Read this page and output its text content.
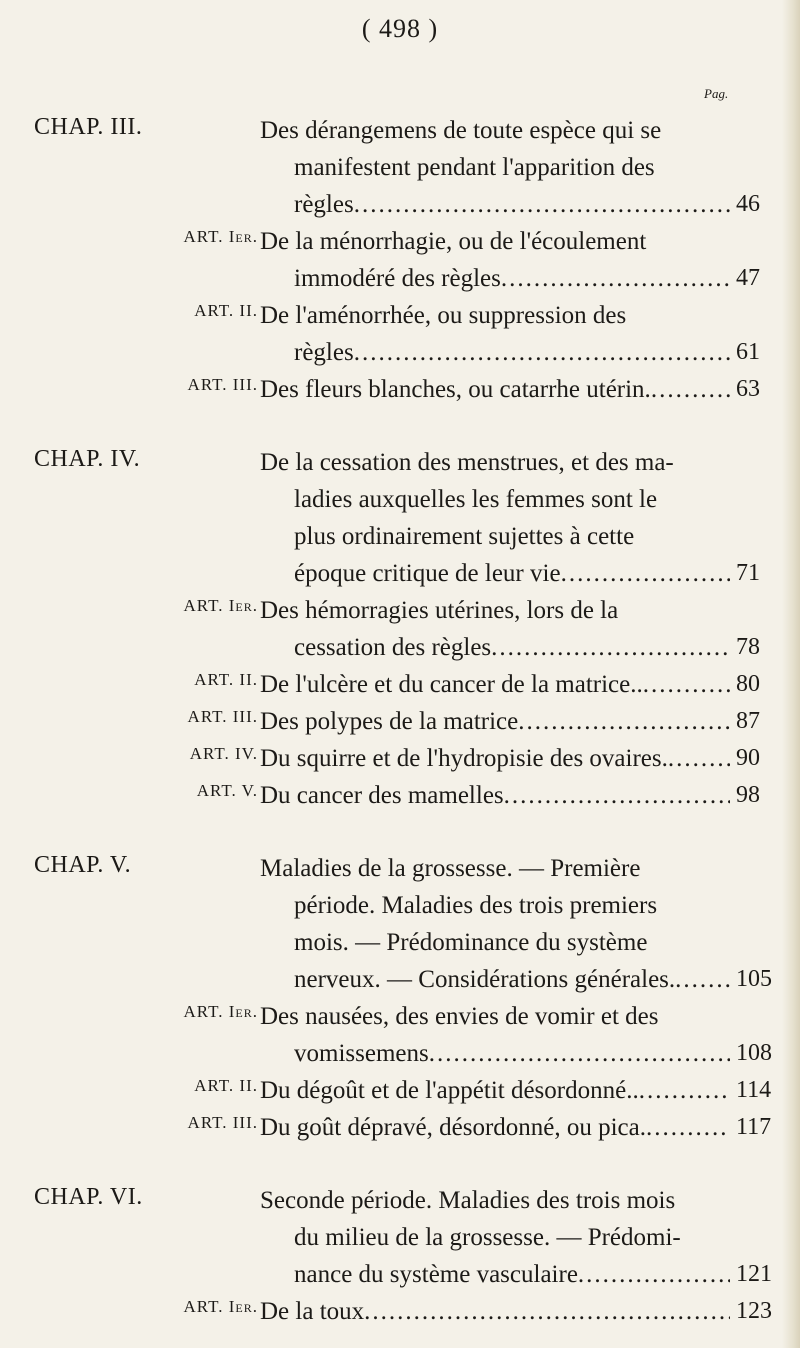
( 498 )
Pag.
CHAP. III.	Des dérangemens de toute espèce qui se
manifestent pendant l'apparition des
règles .....	46
ART. Ier. De la ménorrhagie, ou de l'écoulement
immodéré des règles .....	47
ART. II. De l'aménorrhée, ou suppression des
règles .....	61
ART. III. Des fleurs blanches, ou catarrhe utérin. .....	63
CHAP. IV.	De la cessation des menstrues, et des ma-
ladies auxquelles les femmes sont le
plus ordinairement sujettes à cette
époque critique de leur vie .....	71
ART. Ier. Des hémorragies utérines, lors de la
cessation des règles .....	78
ART. II. De l'ulcère et du cancer de la matrice.. .....	80
ART. III. Des polypes de la matrice .....	87
ART. IV. Du squirre et de l'hydropisie des ovaires. .....	90
ART. V. Du cancer des mamelles .....	98
CHAP. V.	Maladies de la grossesse. — Première
période. Maladies des trois premiers
mois. — Prédominance du système
nerveux. — Considérations générales. .....	105
ART. Ier. Des nausées, des envies de vomir et des
vomissemens .....	108
ART. II. Du dégoût et de l'appétit désordonné.. .....	114
ART. III. Du goût dépravé, désordonné, ou pica. .....	117
CHAP. VI.	Seconde période. Maladies des trois mois
du milieu de la grossesse. — Prédomi-
nance du système vasculaire .....	121
ART. Ier. De la toux .....	123
